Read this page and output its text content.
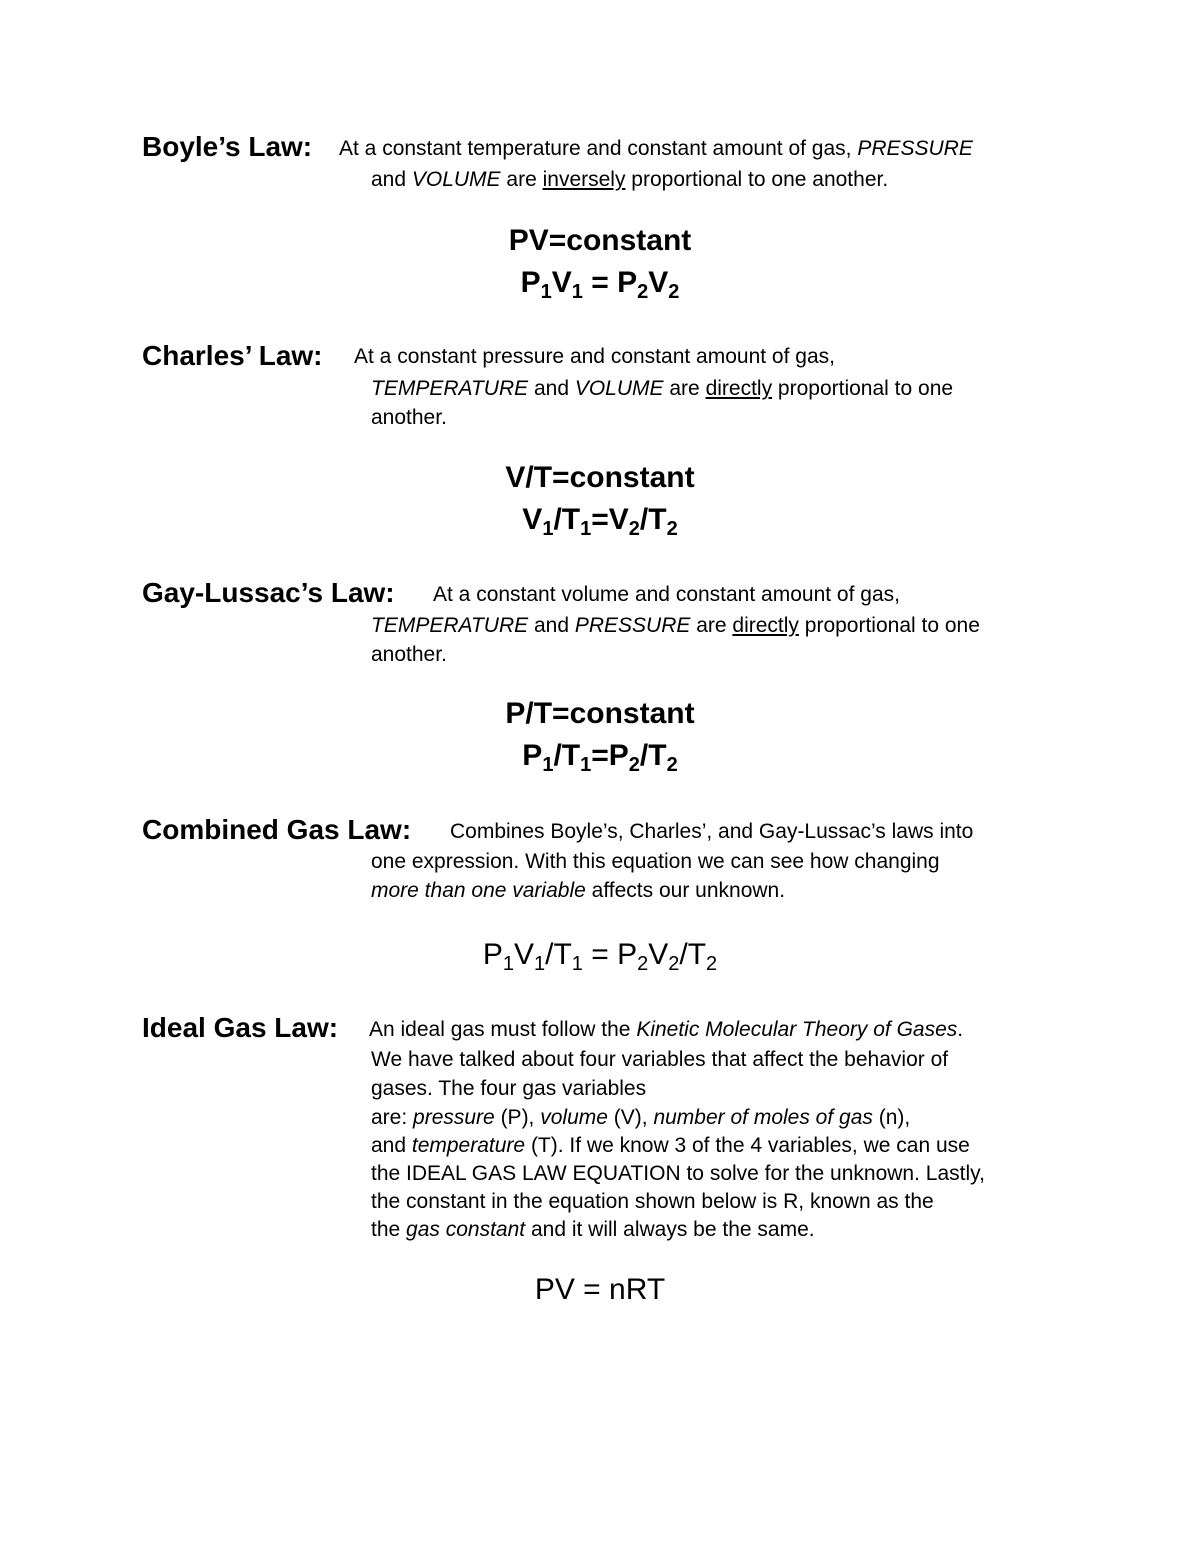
Boyle’s Law: At a constant temperature and constant amount of gas, PRESSURE
and VOLUME are inversely proportional to one another.
PV=constant
$P_1V_1 = P_2V_2$
Charles’ Law: At a constant pressure and constant amount of gas,
TEMPERATURE and VOLUME are directly proportional to one
another.
V/T=constant
$V_1/T_1=V_2/T_2$
Gay-Lussac’s Law: At a constant volume and constant amount of gas,
TEMPERATURE and PRESSURE are directly proportional to one
another.
P/T=constant
$P_1/T_1=P_2/T_2$
Combined Gas Law: Combines Boyle’s, Charles’, and Gay-Lussac’s laws into
one expression. With this equation we can see how changing
more than one variable affects our unknown.
$P_1V_1/T_1 = P_2V_2/T_2$
Ideal Gas Law: An ideal gas must follow the Kinetic Molecular Theory of Gases.
We have talked about four variables that affect the behavior of
gases. The four gas variables
are: pressure (P), volume (V), number of moles of gas (n),
and temperature (T). If we know 3 of the 4 variables, we can use
the IDEAL GAS LAW EQUATION to solve for the unknown. Lastly,
the constant in the equation shown below is R, known as the
the gas constant and it will always be the same.
PV = nRT
